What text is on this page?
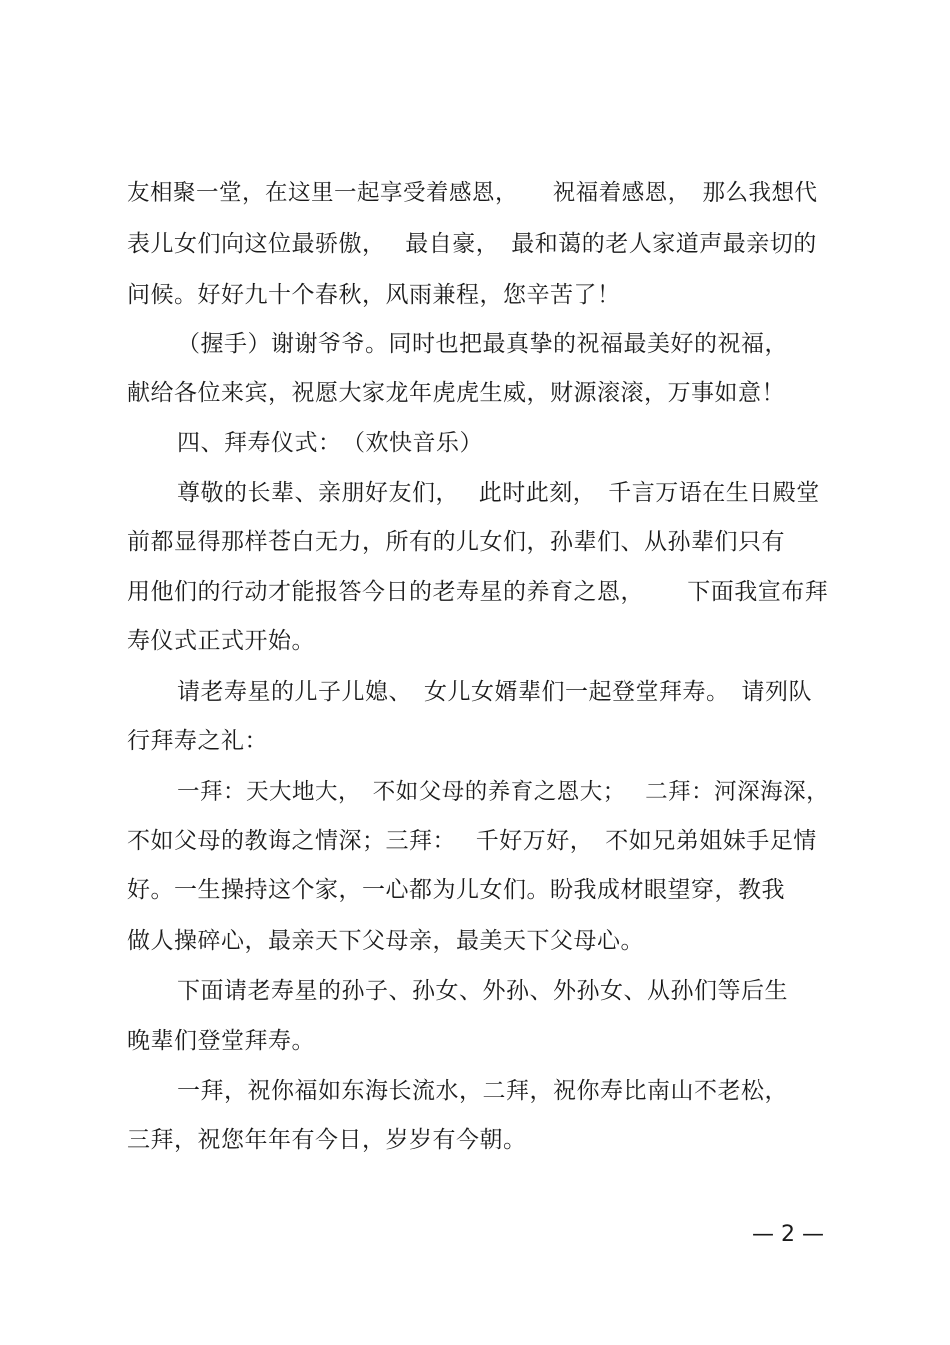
友相聚一堂，在这里一起享受着感恩，　　祝福着感恩，　那么我想代
表儿女们向这位最骄傲，　 最自豪，　最和蔼的老人家道声最亲切的
问候。好好九十个春秋，风雨兼程，您辛苦了！
（握手）谢谢爷爷。同时也把最真挚的祝福最美好的祝福，
献给各位来宾，祝愿大家龙年虎虎生威，财源滚滚，万事如意！
四、拜寿仪式：　（欢快音乐）
尊敬的长辈、亲朋好友们，　 此时此刻，　千言万语在生日殿堂
前都显得那样苍白无力，所有的儿女们，孙辈们、从孙辈们只有
用他们的行动才能报答今日的老寿星的养育之恩，　 　下面我宣布拜
寿仪式正式开始。
请老寿星的儿子儿媳、　女儿女婿辈们一起登堂拜寿。　请列队
行拜寿之礼：
一拜：天大地大，　不如父母的养育之恩大；　 二拜：河深海深，
不如父母的教诲之情深；三拜：　 千好万好，　不如兄弟姐妹手足情
好。一生操持这个家，一心都为儿女们。盼我成材眼望穿，教我
做人操碎心，最亲天下父母亲，最美天下父母心。
下面请老寿星的孙子、孙女、外孙、外孙女、从孙们等后生
晚辈们登堂拜寿。
一拜，祝你福如东海长流水，二拜，祝你寿比南山不老松，
三拜，祝您年年有今日，岁岁有今朝。
— 2 —
